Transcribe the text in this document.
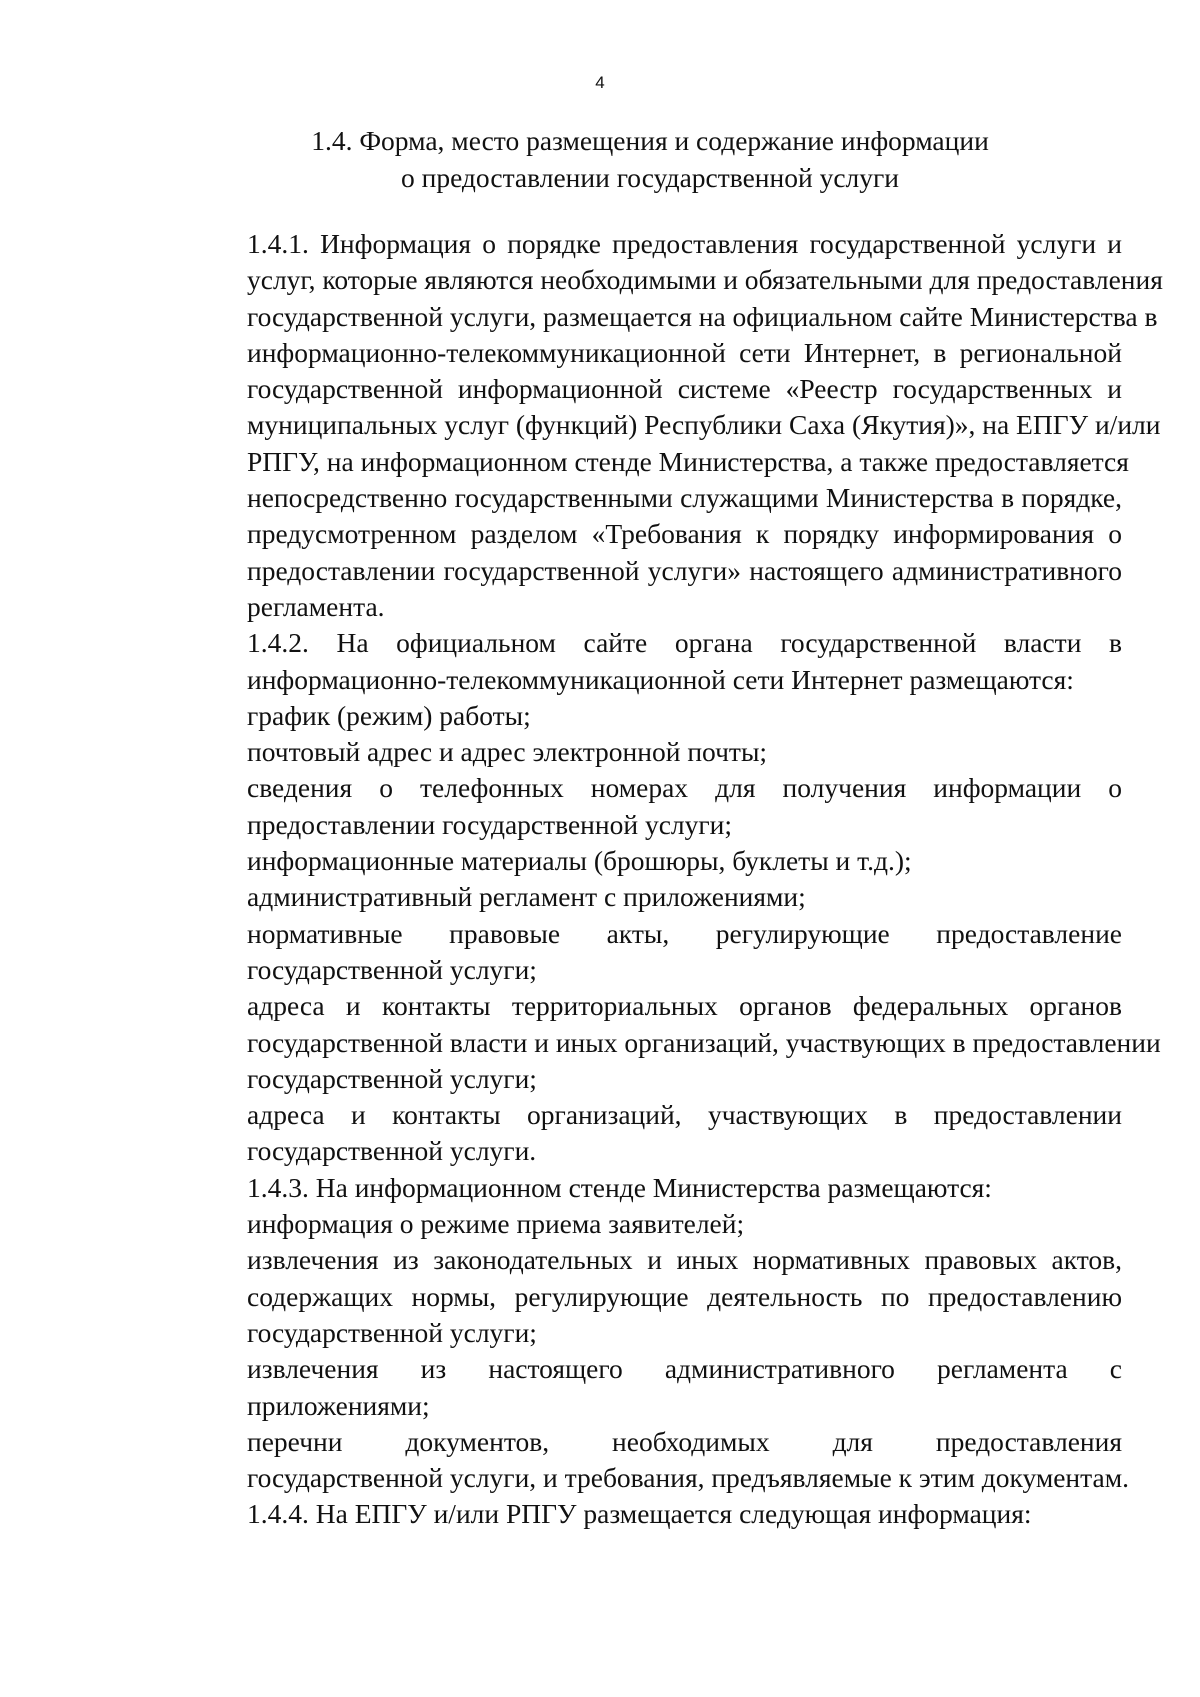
4
1.4. Форма, место размещения и содержание информации
о предоставлении государственной услуги

1.4.1. Информация о порядке предоставления государственной услуги и
услуг, которые являются необходимыми и обязательными для предоставления
государственной услуги, размещается на официальном сайте Министерства в
информационно-телекоммуникационной сети Интернет, в региональной
государственной информационной системе «Реестр государственных и
муниципальных услуг (функций) Республики Саха (Якутия)», на ЕПГУ и/или
РПГУ, на информационном стенде Министерства, а также предоставляется
непосредственно государственными служащими Министерства в порядке,
предусмотренном разделом «Требования к порядку информирования о
предоставлении государственной услуги» настоящего административного
регламента.

1.4.2. На официальном сайте органа государственной власти в
информационно-телекоммуникационной сети Интернет размещаются:

график (режим) работы;

почтовый адрес и адрес электронной почты;

сведения о телефонных номерах для получения информации о
предоставлении государственной услуги;

информационные материалы (брошюры, буклеты и т.д.);

административный регламент с приложениями;

нормативные правовые акты, регулирующие предоставление
государственной услуги;

адреса и контакты территориальных органов федеральных органов
государственной власти и иных организаций, участвующих в предоставлении
государственной услуги;

адреса и контакты организаций, участвующих в предоставлении
государственной услуги.

1.4.3. На информационном стенде Министерства размещаются:

информация о режиме приема заявителей;

извлечения из законодательных и иных нормативных правовых актов,
содержащих нормы, регулирующие деятельность по предоставлению
государственной услуги;

извлечения из настоящего административного регламента с
приложениями;

перечни документов, необходимых для предоставления
государственной услуги, и требования, предъявляемые к этим документам.

1.4.4. На ЕПГУ и/или РПГУ размещается следующая информация:
